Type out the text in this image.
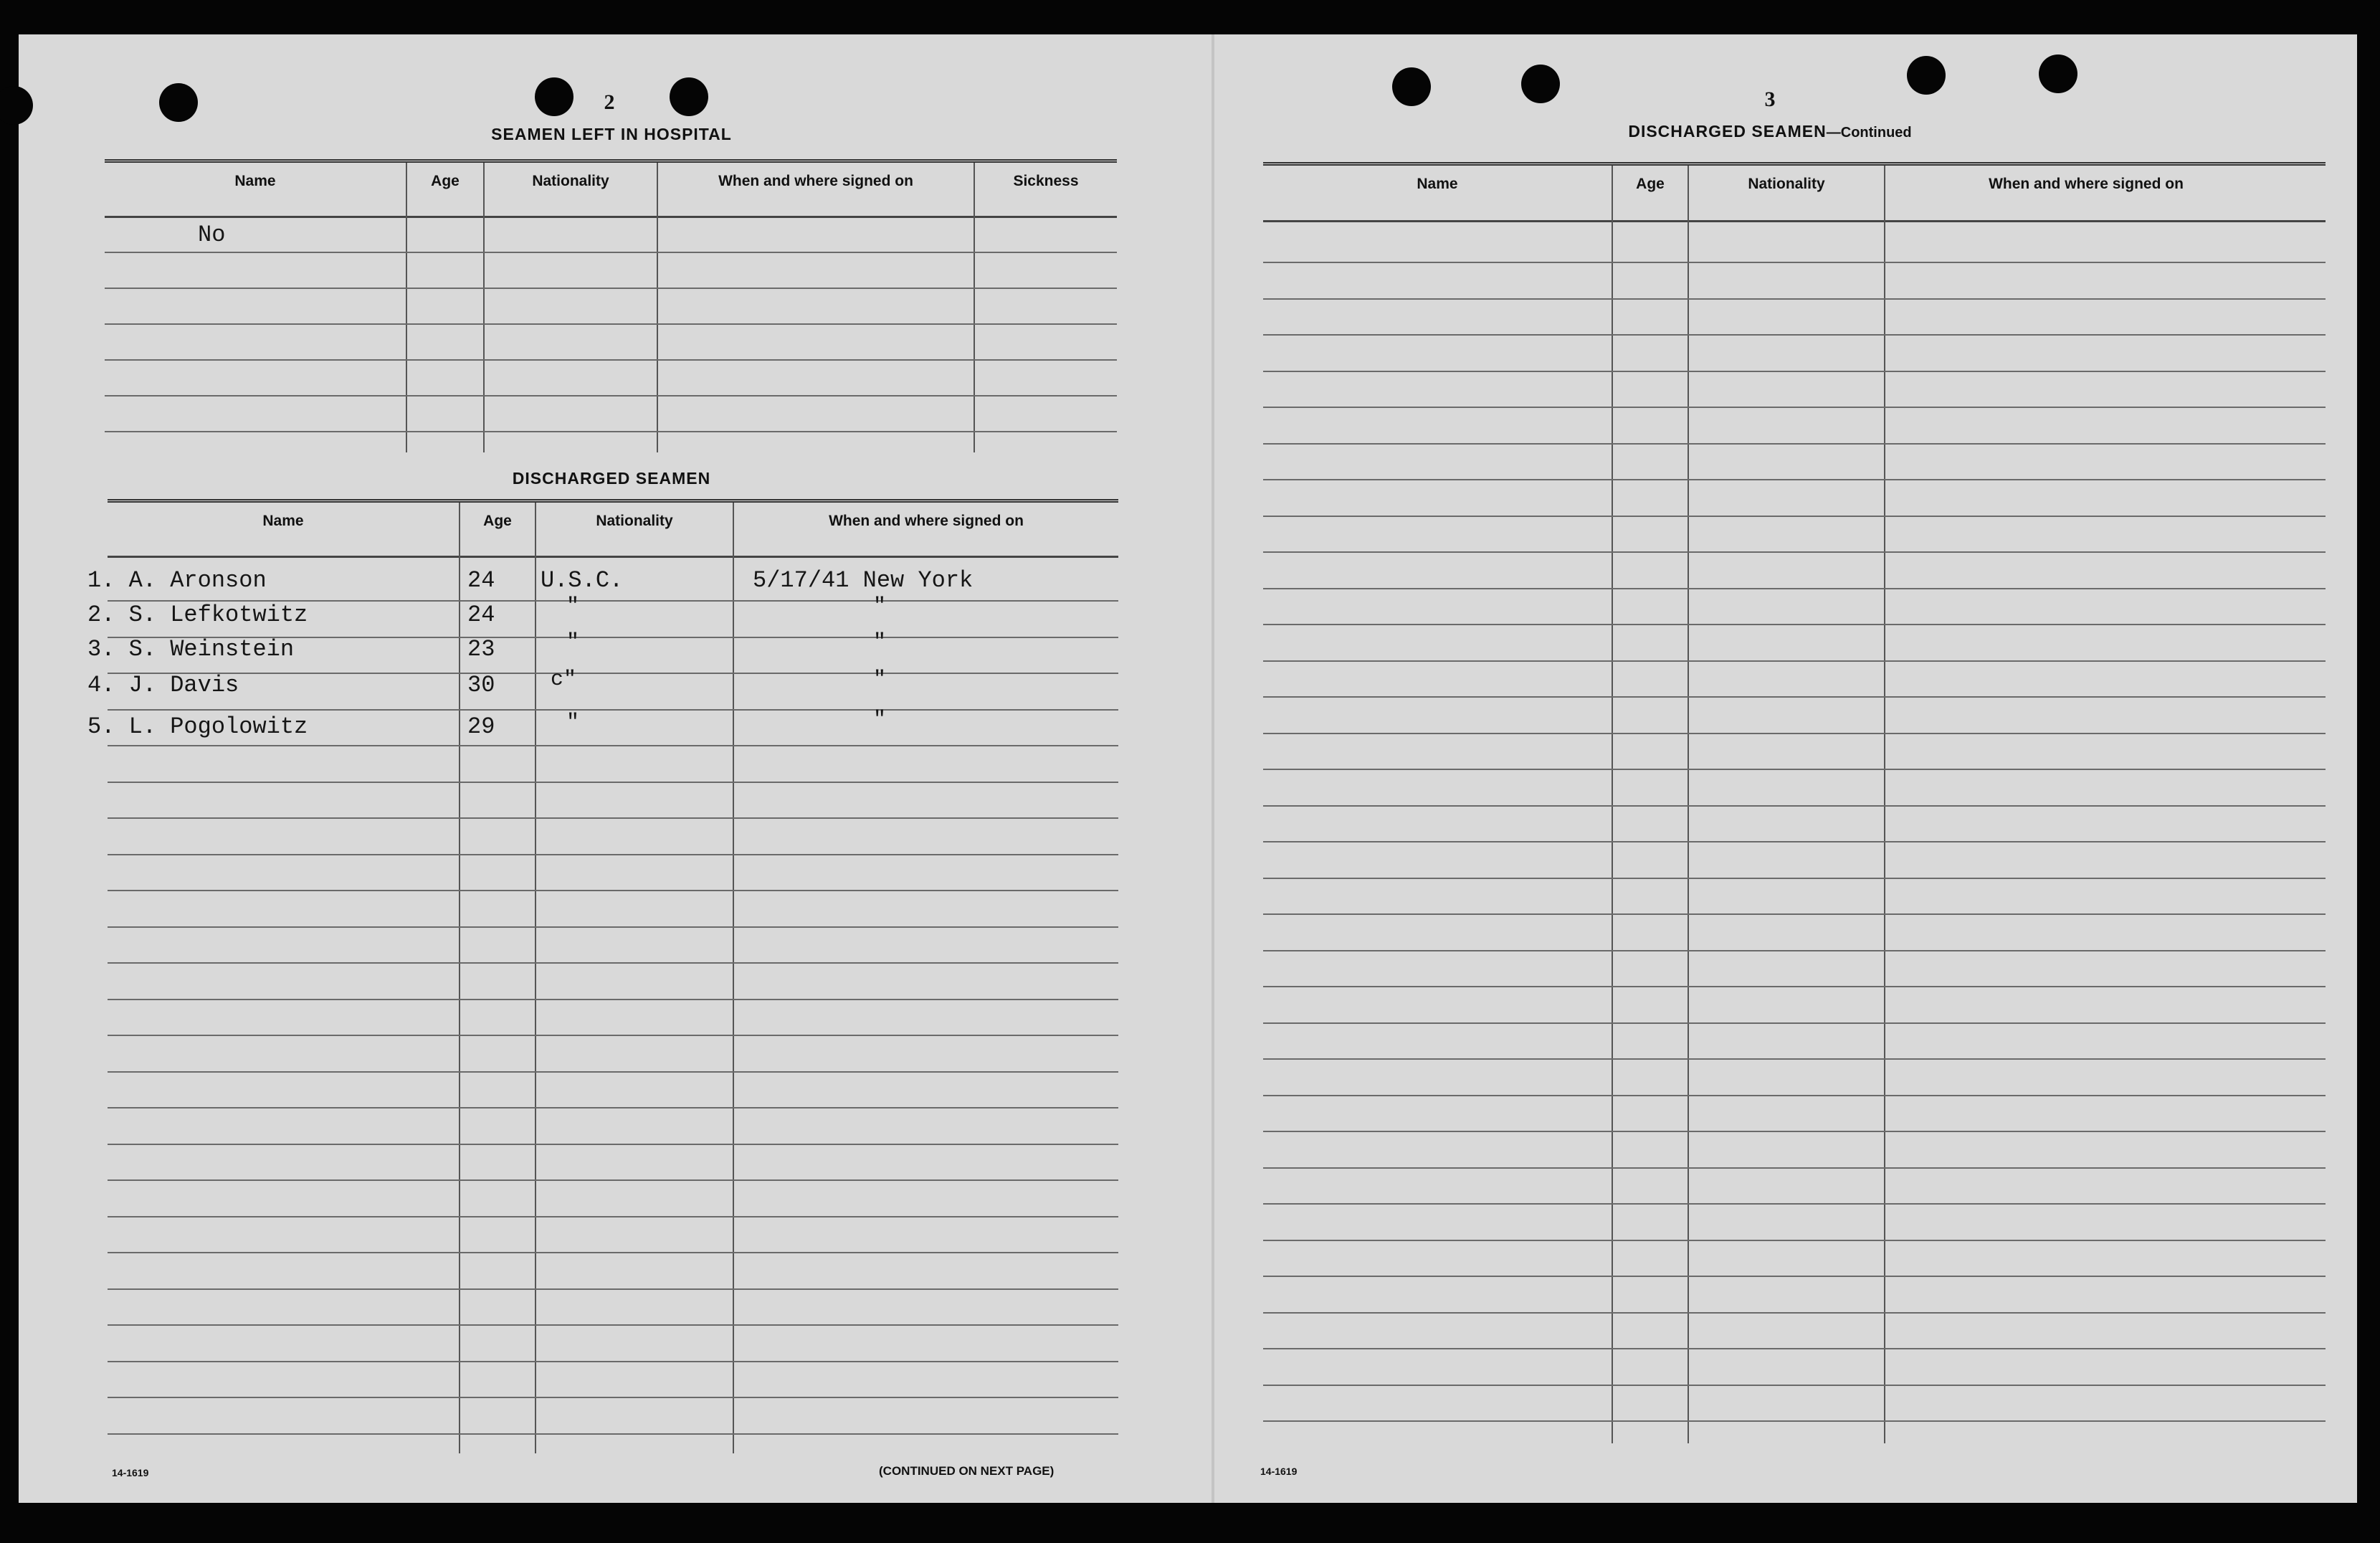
2
SEAMEN LEFT IN HOSPITAL
Name	Age	Nationality	When and where signed on	Sickness
No
DISCHARGED SEAMEN
Name	Age	Nationality	When and where signed on
1. A. Aronson	24 U.S.C.	5/17/41 New York
2. S. Lefkotwitz	24	"	"
3. S. Weinstein	23	"	"
4. J. Davis	30	c"	"
5. L. Pogolowitz	29	"	"
14-1619	(CONTINUED ON NEXT PAGE)
3
DISCHARGED SEAMEN—Continued
Name	Age	Nationality	When and where signed on
14-1619
